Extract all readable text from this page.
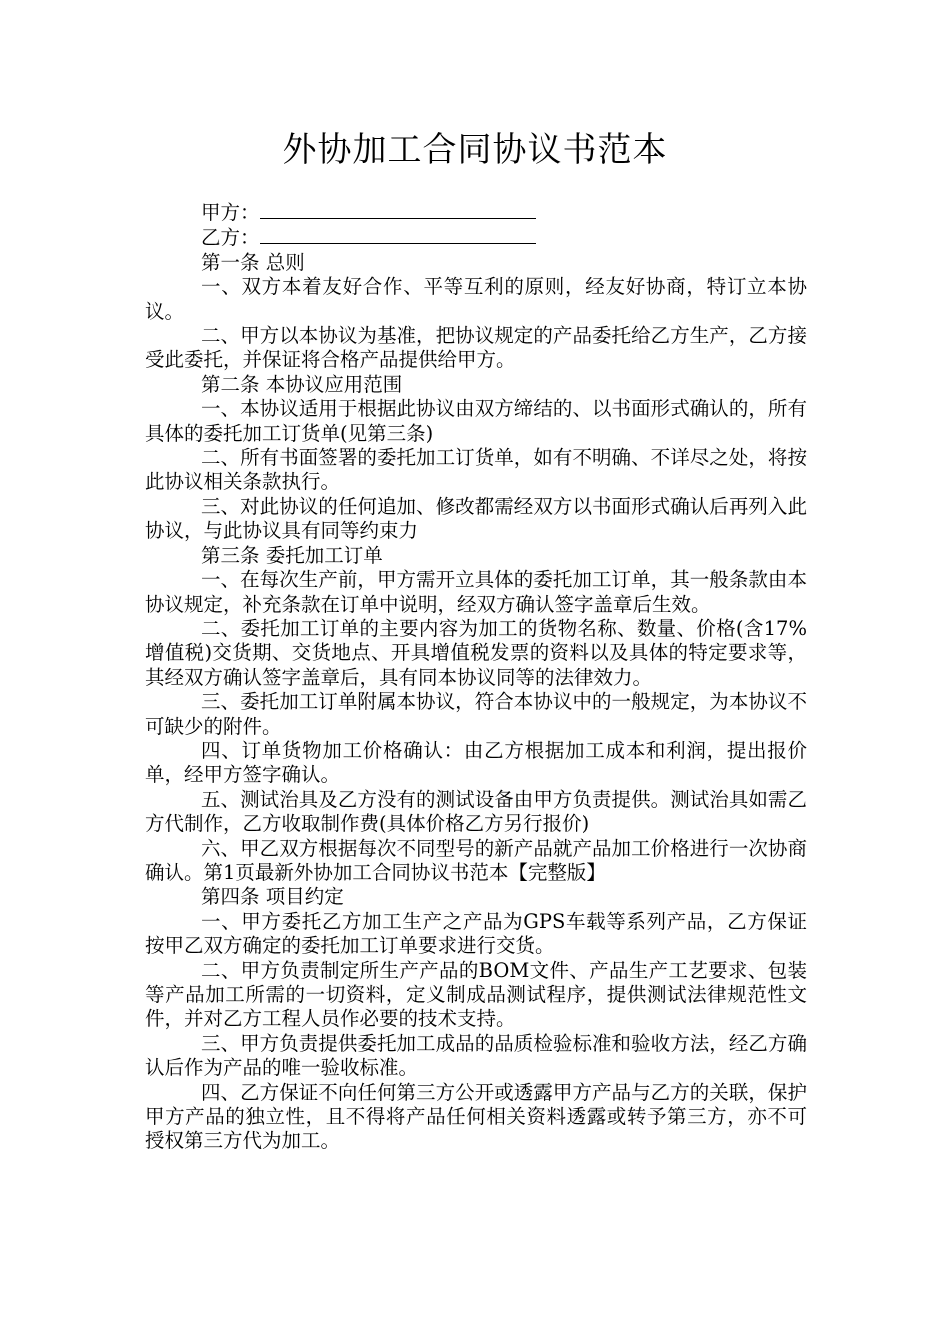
外协加工合同协议书范本

甲方：

乙方：

第一条 总则

一、双方本着友好合作、平等互利的原则，经友好协商，特订立本协议。

二、甲方以本协议为基准，把协议规定的产品委托给乙方生产，乙方接受此委托，并保证将合格产品提供给甲方。

第二条 本协议应用范围

一、本协议适用于根据此协议由双方缔结的、以书面形式确认的，所有具体的委托加工订货单(见第三条)

二、所有书面签署的委托加工订货单，如有不明确、不详尽之处，将按此协议相关条款执行。

三、对此协议的任何追加、修改都需经双方以书面形式确认后再列入此协议，与此协议具有同等约束力

第三条 委托加工订单

一、在每次生产前，甲方需开立具体的委托加工订单，其一般条款由本协议规定，补充条款在订单中说明，经双方确认签字盖章后生效。

二、委托加工订单的主要内容为加工的货物名称、数量、价格(含17%增值税)交货期、交货地点、开具增值税发票的资料以及具体的特定要求等，其经双方确认签字盖章后，具有同本协议同等的法律效力。

三、委托加工订单附属本协议，符合本协议中的一般规定，为本协议不可缺少的附件。

四、订单货物加工价格确认：由乙方根据加工成本和利润，提出报价单，经甲方签字确认。

五、测试治具及乙方没有的测试设备由甲方负责提供。测试治具如需乙方代制作，乙方收取制作费(具体价格乙方另行报价)

六、甲乙双方根据每次不同型号的新产品就产品加工价格进行一次协商确认。第1页最新外协加工合同协议书范本【完整版】

第四条 项目约定

一、甲方委托乙方加工生产之产品为GPS车载等系列产品，乙方保证按甲乙双方确定的委托加工订单要求进行交货。

二、甲方负责制定所生产产品的BOM文件、产品生产工艺要求、包装等产品加工所需的一切资料，定义制成品测试程序，提供测试法律规范性文件，并对乙方工程人员作必要的技术支持。

三、甲方负责提供委托加工成品的品质检验标准和验收方法，经乙方确认后作为产品的唯一验收标准。

四、乙方保证不向任何第三方公开或透露甲方产品与乙方的关联，保护甲方产品的独立性，且不得将产品任何相关资料透露或转予第三方，亦不可授权第三方代为加工。
